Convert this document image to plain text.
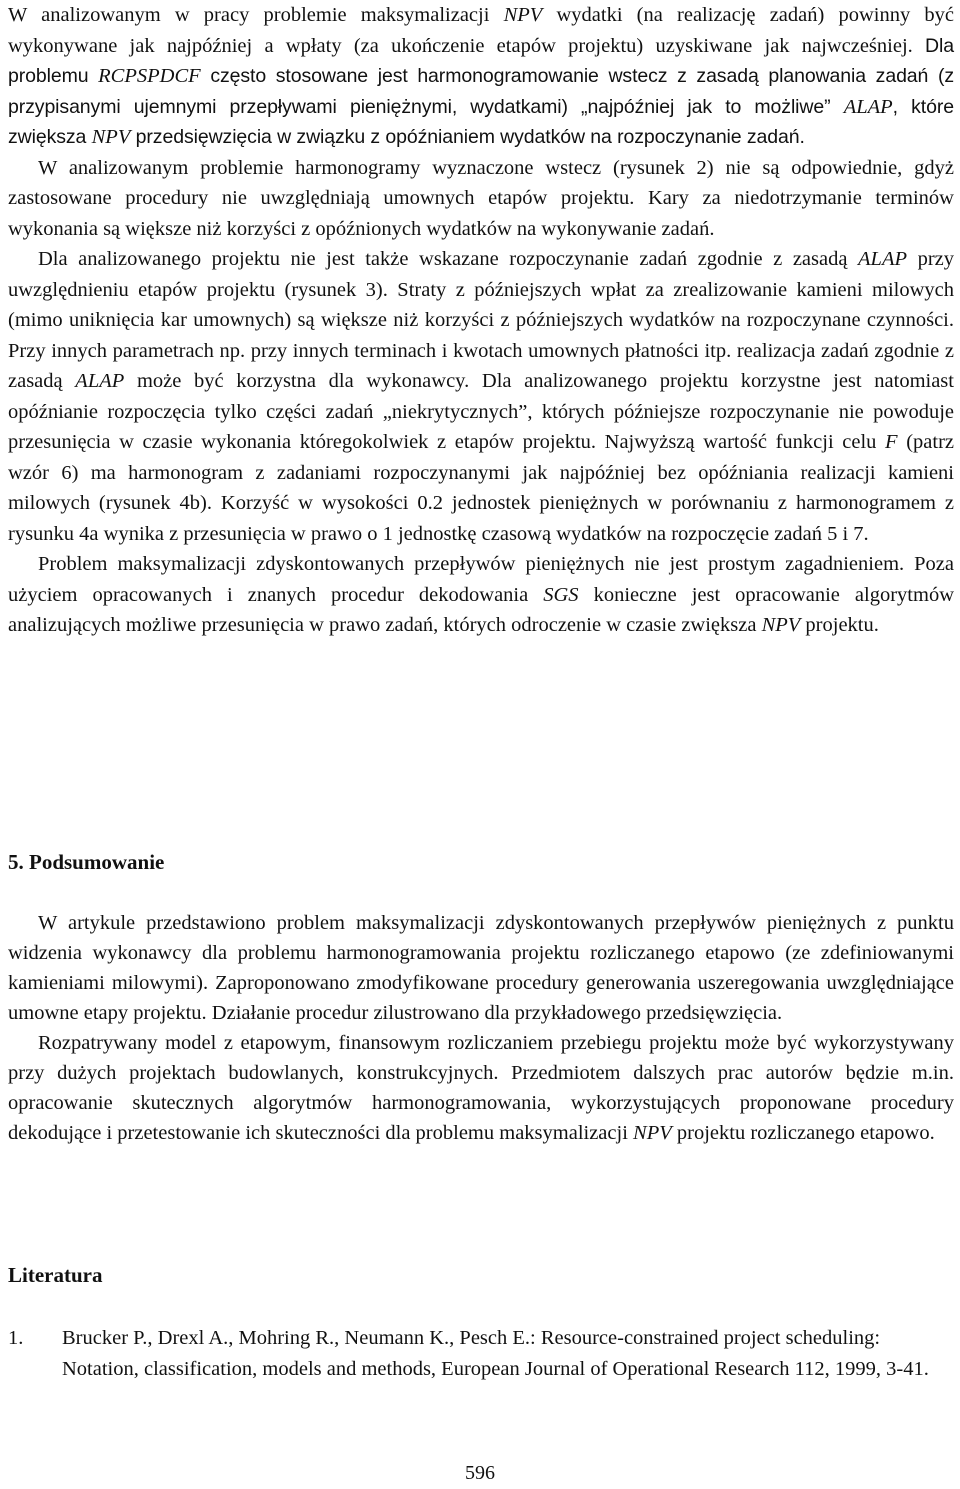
W analizowanym w pracy problemie maksymalizacji NPV wydatki (na realizację zadań) powinny być wykonywane jak najpóźniej a wpłaty (za ukończenie etapów projektu) uzyskiwane jak najwcześniej. Dla problemu RCPSPDCF często stosowane jest harmonogramowanie wstecz z zasadą planowania zadań (z przypisanymi ujemnymi przepływami pieniężnymi, wydatkami) „najpóźniej jak to możliwe” ALAP, które zwiększa NPV przedsięwzięcia w związku z opóźnianiem wydatków na rozpoczynanie zadań.

W analizowanym problemie harmonogramy wyznaczone wstecz (rysunek 2) nie są odpowiednie, gdyż zastosowane procedury nie uwzględniają umownych etapów projektu. Kary za niedotrzymanie terminów wykonania są większe niż korzyści z opóźnionych wydatków na wykonywanie zadań.

Dla analizowanego projektu nie jest także wskazane rozpoczynanie zadań zgodnie z zasadą ALAP przy uwzględnieniu etapów projektu (rysunek 3). Straty z późniejszych wpłat za zrealizowanie kamieni milowych (mimo uniknięcia kar umownych) są większe niż korzyści z późniejszych wydatków na rozpoczynane czynności. Przy innych parametrach np. przy innych terminach i kwotach umownych płatności itp. realizacja zadań zgodnie z zasadą ALAP może być korzystna dla wykonawcy. Dla analizowanego projektu korzystne jest natomiast opóźnianie rozpoczęcia tylko części zadań „niekrytycznych”, których późniejsze rozpoczynanie nie powoduje przesunięcia w czasie wykonania któregokolwiek z etapów projektu. Najwyższą wartość funkcji celu F (patrz wzór 6) ma harmonogram z zadaniami rozpoczynanymi jak najpóźniej bez opóźniania realizacji kamieni milowych (rysunek 4b). Korzyść w wysokości 0.2 jednostek pieniężnych w porównaniu z harmonogramem z rysunku 4a wynika z przesunięcia w prawo o 1 jednostkę czasową wydatków na rozpoczęcie zadań 5 i 7.

Problem maksymalizacji zdyskontowanych przepływów pieniężnych nie jest prostym zagadnieniem. Poza użyciem opracowanych i znanych procedur dekodowania SGS konieczne jest opracowanie algorytmów analizujących możliwe przesunięcia w prawo zadań, których odroczenie w czasie zwiększa NPV projektu.

5. Podsumowanie

W artykule przedstawiono problem maksymalizacji zdyskontowanych przepływów pieniężnych z punktu widzenia wykonawcy dla problemu harmonogramowania projektu rozliczanego etapowo (ze zdefiniowanymi kamieniami milowymi). Zaproponowano zmodyfikowane procedury generowania uszeregowania uwzględniające umowne etapy projektu. Działanie procedur zilustrowano dla przykładowego przedsięwzięcia.

Rozpatrywany model z etapowym, finansowym rozliczaniem przebiegu projektu może być wykorzystywany przy dużych projektach budowlanych, konstrukcyjnych. Przedmiotem dalszych prac autorów będzie m.in. opracowanie skutecznych algorytmów harmonogramowania, wykorzystujących proponowane procedury dekodujące i przetestowanie ich skuteczności dla problemu maksymalizacji NPV projektu rozliczanego etapowo.

Literatura
1.	Brucker P., Drexl A., Mohring R., Neumann K., Pesch E.: Resource-constrained project scheduling: Notation, classification, models and methods, European Journal of Operational Research 112, 1999, 3-41.
596
